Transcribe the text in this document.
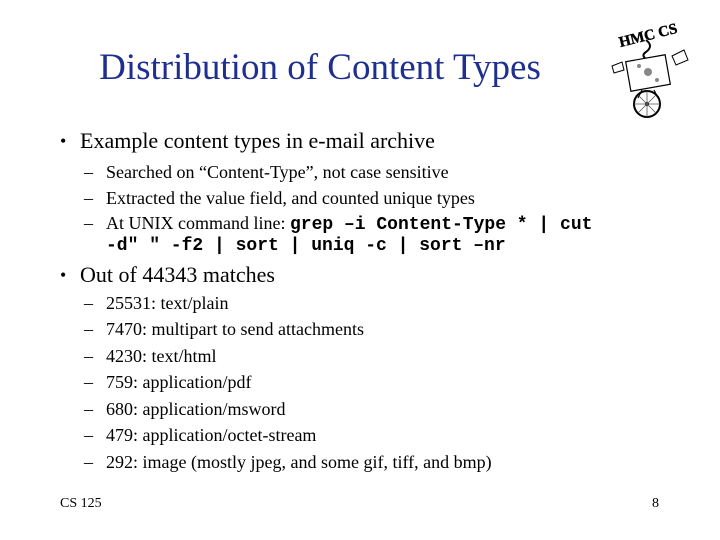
Distribution of Content Types
HMC CS
• Example content types in e-mail archive
– Searched on “Content-Type”, not case sensitive
– Extracted the value field, and counted unique types
– At UNIX command line: grep –i Content-Type * | cut
-d" " -f2 | sort | uniq -c | sort –nr
• Out of 44343 matches
– 25531: text/plain
– 7470: multipart to send attachments
– 4230: text/html
– 759: application/pdf
– 680: application/msword
– 479: application/octet-stream
– 292: image (mostly jpeg, and some gif, tiff, and bmp)
CS 125	8
